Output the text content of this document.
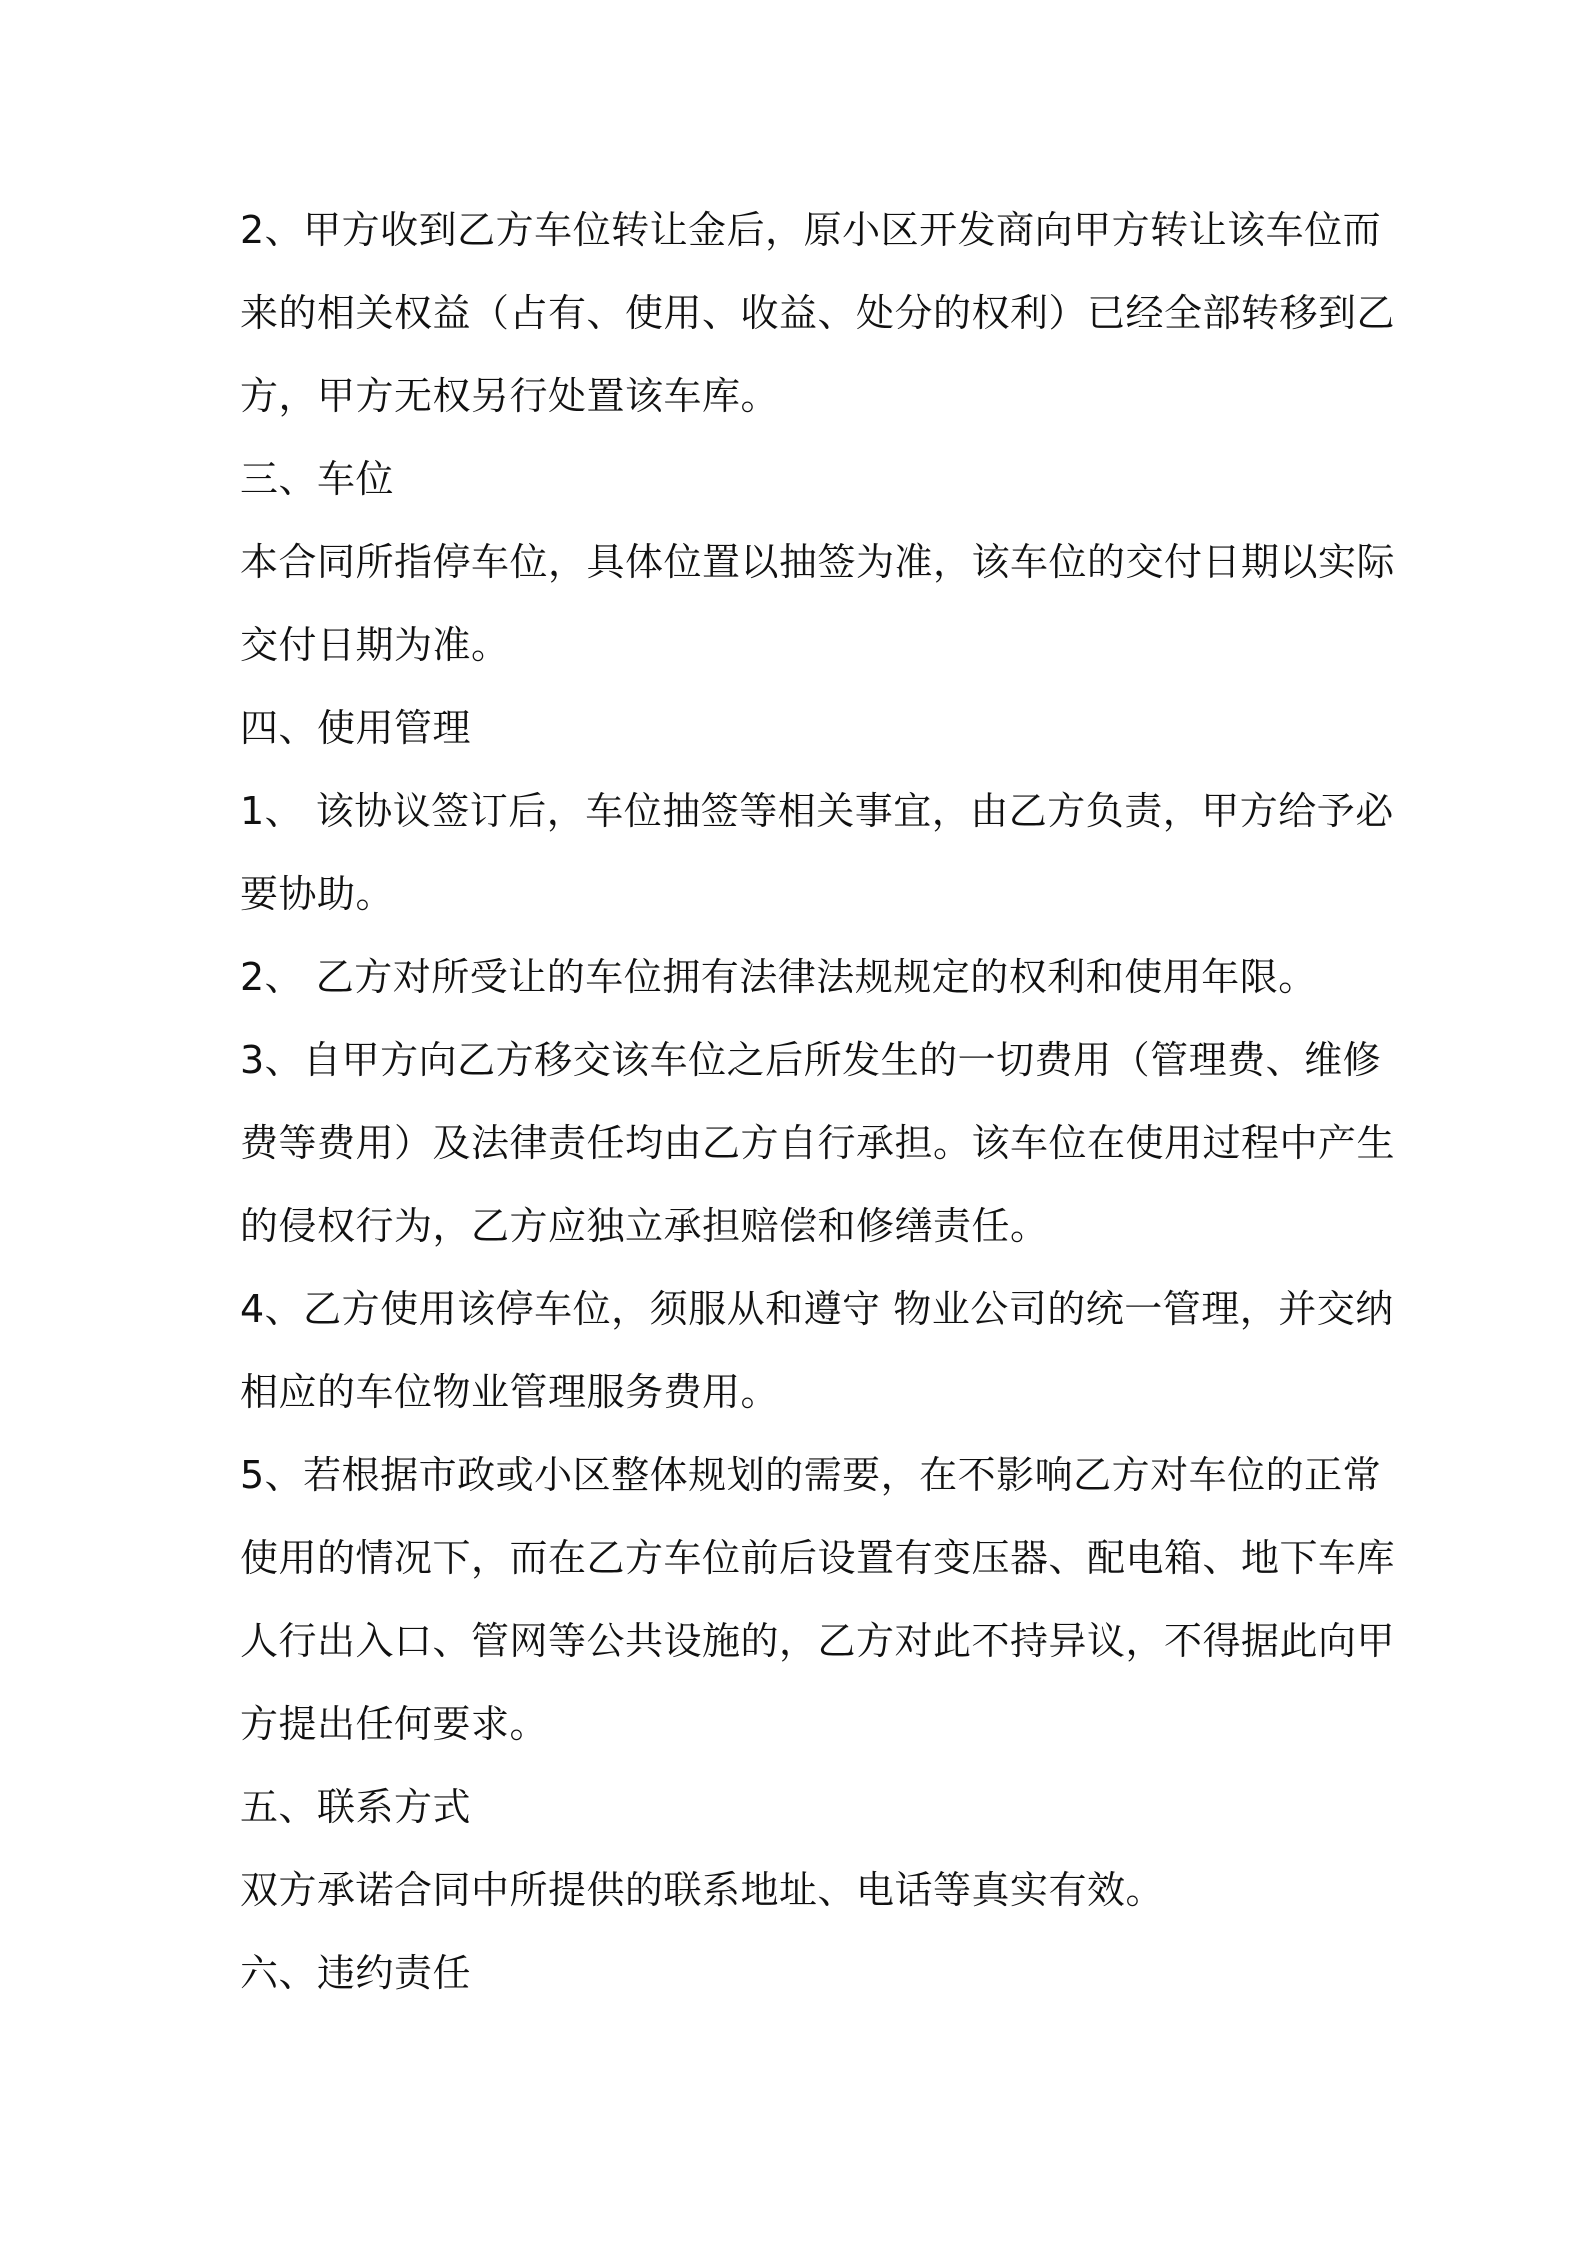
2、甲方收到乙方车位转让金后，原小区开发商向甲方转让该车位而
来的相关权益（占有、使用、收益、处分的权利）已经全部转移到乙
方，甲方无权另行处置该车库。
三、车位
本合同所指停车位，具体位置以抽签为准，该车位的交付日期以实际
交付日期为准。
四、使用管理
1、 该协议签订后，车位抽签等相关事宜，由乙方负责，甲方给予必
要协助。
2、 乙方对所受让的车位拥有法律法规规定的权利和使用年限。
3、自甲方向乙方移交该车位之后所发生的一切费用（管理费、维修
费等费用）及法律责任均由乙方自行承担。该车位在使用过程中产生
的侵权行为，乙方应独立承担赔偿和修缮责任。
4、乙方使用该停车位，须服从和遵守 物业公司的统一管理，并交纳
相应的车位物业管理服务费用。
5、若根据市政或小区整体规划的需要，在不影响乙方对车位的正常
使用的情况下，而在乙方车位前后设置有变压器、配电箱、地下车库
人行出入口、管网等公共设施的，乙方对此不持异议，不得据此向甲
方提出任何要求。
五、联系方式
双方承诺合同中所提供的联系地址、电话等真实有效。
六、违约责任
